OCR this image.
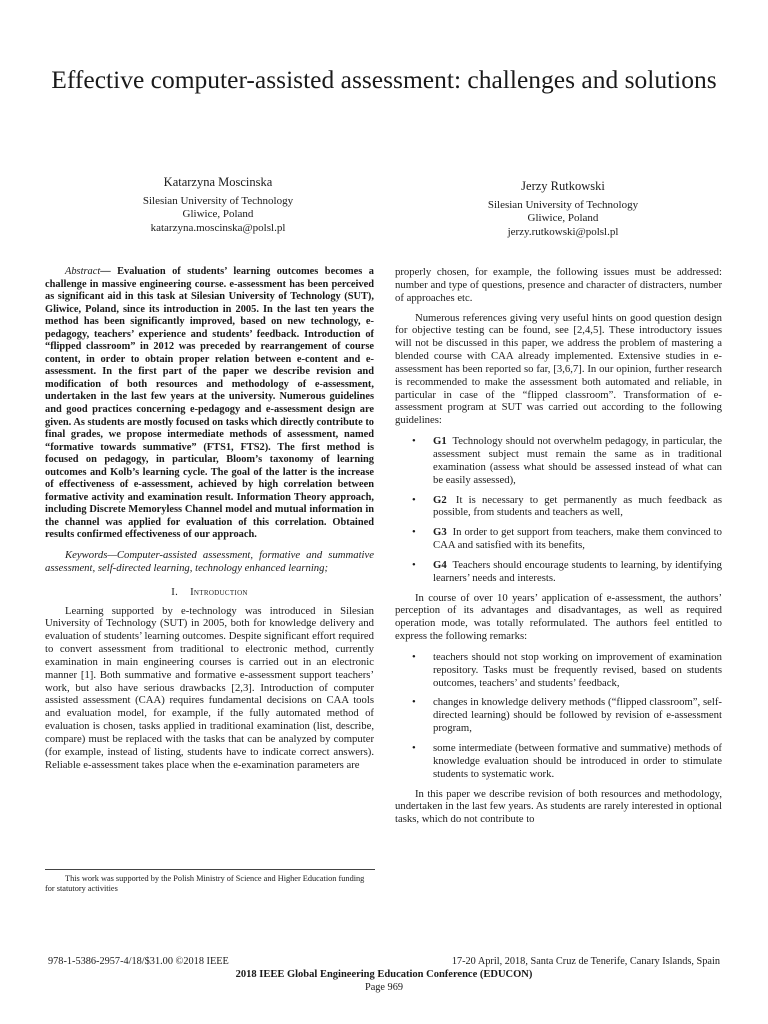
Effective computer-assisted assessment: challenges and solutions
Katarzyna Moscinska
Silesian University of Technology
Gliwice, Poland
katarzyna.moscinska@polsl.pl
Jerzy Rutkowski
Silesian University of Technology
Gliwice, Poland
jerzy.rutkowski@polsl.pl

Abstract— Evaluation of students’ learning outcomes becomes a challenge in massive engineering course. e-assessment has been perceived as significant aid in this task at Silesian University of Technology (SUT), Gliwice, Poland, since its introduction in 2005. In the last ten years the method has been significantly improved, based on new technology, e-pedagogy, teachers’ experience and students’ feedback. Introduction of “flipped classroom” in 2012 was preceded by rearrangement of course content, in order to obtain proper relation between e-content and e-assessment. In the first part of the paper we describe revision and modification of both resources and methodology of e-assessment, undertaken in the last few years at the university. Numerous guidelines and good practices concerning e-pedagogy and e-assessment design are given. As students are mostly focused on tasks which directly contribute to final grades, we propose intermediate methods of assessment, named “formative towards summative” (FTS1, FTS2). The first method is focused on pedagogy, in particular, Bloom’s taxonomy of learning outcomes and Kolb’s learning cycle. The goal of the latter is the increase of effectiveness of e-assessment, achieved by high correlation between formative activity and examination result. Information Theory approach, including Discrete Memoryless Channel model and mutual information in the channel was applied for evaluation of this correlation. Obtained results confirmed effectiveness of our approach.

Keywords—Computer-assisted assessment, formative and summative assessment, self-directed learning, technology enhanced learning;

I. Introduction

Learning supported by e-technology was introduced in Silesian University of Technology (SUT) in 2005, both for knowledge delivery and evaluation of students’ learning outcomes. Despite significant effort required to convert assessment from traditional to electronic method, currently examination in main engineering courses is carried out in an electronic manner [1]. Both summative and formative e-assessment support teachers’ work, but also have serious drawbacks [2,3]. Introduction of computer assisted assessment (CAA) requires fundamental decisions on CAA tools and evaluation model, for example, if the fully automated method of evaluation is chosen, tasks applied in traditional examination (list, describe, compare) must be replaced with the tasks that can be analyzed by computer (for example, instead of listing, students have to indicate correct answers). Reliable e-assessment takes place when the e-examination parameters are

This work was supported by the Polish Ministry of Science and Higher Education funding for statutory activities

properly chosen, for example, the following issues must be addressed: number and type of questions, presence and character of distracters, number of approaches etc.

Numerous references giving very useful hints on good question design for objective testing can be found, see [2,4,5]. These introductory issues will not be discussed in this paper, we address the problem of mastering a blended course with CAA already implemented. Extensive studies in e-assessment has been reported so far, [3,6,7]. In our opinion, further research is recommended to make the assessment both automated and reliable, in particular in case of the “flipped classroom”. Transformation of e-assessment program at SUT was carried out according to the following guidelines:

• G1 Technology should not overwhelm pedagogy, in particular, the assessment subject must remain the same as in traditional examination (assess what should be assessed instead of what can be easily assessed),
• G2 It is necessary to get permanently as much feedback as possible, from students and teachers as well,
• G3 In order to get support from teachers, make them convinced to CAA and satisfied with its benefits,
• G4 Teachers should encourage students to learning, by identifying learners’ needs and interests.

In course of over 10 years’ application of e-assessment, the authors’ perception of its advantages and disadvantages, as well as required operation mode, was totally reformulated. The authors feel entitled to express the following remarks:

• teachers should not stop working on improvement of examination repository. Tasks must be frequently revised, based on students outcomes, teachers’ and students’ feedback,
• changes in knowledge delivery methods (“flipped classroom”, self-directed learning) should be followed by revision of e-assessment program,
• some intermediate (between formative and summative) methods of knowledge evaluation should be introduced in order to stimulate students to systematic work.

In this paper we describe revision of both resources and methodology, undertaken in the last few years. As students are rarely interested in optional tasks, which do not contribute to

978-1-5386-2957-4/18/$31.00 ©2018 IEEE	17-20 April, 2018, Santa Cruz de Tenerife, Canary Islands, Spain
2018 IEEE Global Engineering Education Conference (EDUCON)
Page 969
